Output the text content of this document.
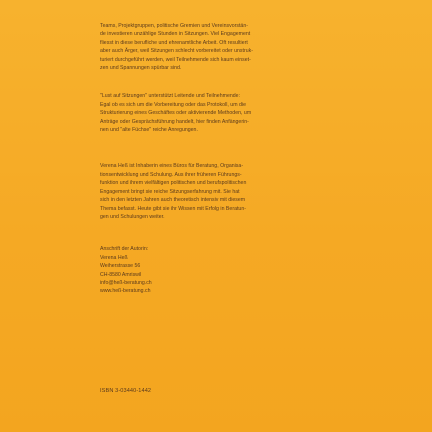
Teams, Projektgruppen, politische Gremien und Vereinsvorstän-
de investieren unzählige Stunden in Sitzungen. Viel Engagement
fliesst in diese berufliche und ehrenamtliche Arbeit. Oft resultiert
aber auch Ärger, weil Sitzungen schlecht vorbereitet oder unstruk-
turiert durchgeführt werden, weil Teilnehmende sich kaum einset-
zen und Spannungen spürbar sind.

"Lust auf Sitzungen" unterstützt Leitende und Teilnehmende:
Egal ob es sich um die Vorbereitung oder das Protokoll, um die
Strukturierung eines Geschäftes oder aktivierende Methoden, um
Anträge oder Gesprächsführung handelt, hier finden Anfängerin-
nen und "alte Füchse" reiche Anregungen.

Verena Heß ist Inhaberin eines Büros für Beratung, Organisa-
tionsentwicklung und Schulung. Aus ihrer früheren Führungs-
funktion und ihrem vielfältigen politischen und berufspolitischen
Engagement bringt sie reiche Sitzungserfahrung mit. Sie hat
sich in den letzten Jahren auch theoretisch intensiv mit diesem
Thema befasst. Heute gibt sie ihr Wissen mit Erfolg in Beratun-
gen und Schulungen weiter.

Anschrift der Autorin:
Verena Heß
Weiherstrasse 56
CH-8580 Amriswil
info@heß-beratung.ch
www.heß-beratung.ch
ISBN 3-03440-1442
